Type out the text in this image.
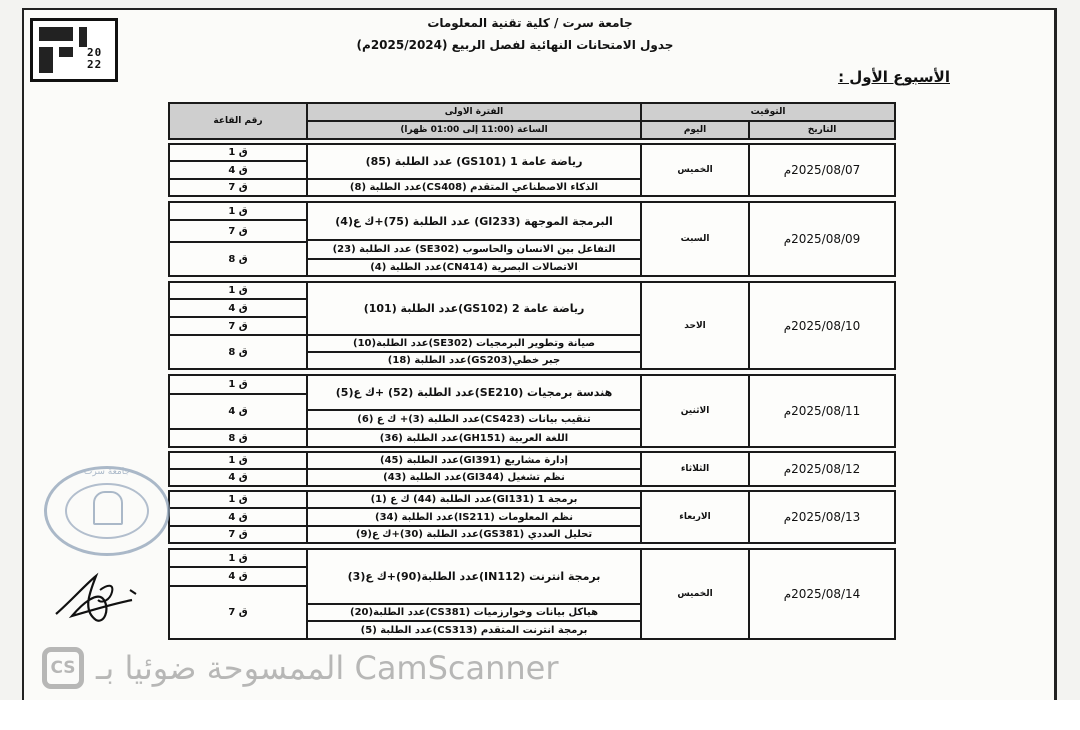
20 22
جامعة سرت / كلية تقنية المعلومات
جدول الامتحانات النهائية لفصل الربيع (2025/2024م)
الأسبوع الأول :
التوقيت
التاريخ
اليوم
الفترة الاولى
الساعة (11:00 إلى 01:00 ظهرا)
رقم القاعة
2025/08/07م
الخميس
رياضة عامة 1 (GS101) عدد الطلبة (85)
الذكاء الاصطناعي المتقدم (CS408)عدد الطلبة (8)
ق 1
ق 4
ق 7
2025/08/09م
السبت
البرمجة الموجهة (GI233) عدد الطلبة (75)+ك ع(4)
التفاعل بين الانسان والحاسوب (SE302) عدد الطلبة (23)
الاتصالات البصرية (CN414)عدد الطلبة (4)
ق 1
ق 7
ق 8
2025/08/10م
الاحد
رياضة عامة 2 (GS102)عدد الطلبة (101)
صيانة وتطوير البرمجيات (SE302)عدد الطلبة(10)
جبر خطي(GS203)عدد الطلبة (18)
ق 1
ق 4
ق 7
ق 8
2025/08/11م
الاثنين
هندسة برمجيات (SE210)عدد الطلبة (52) +ك ع(5)
تنقيب بيانات (CS423)عدد الطلبة (3)+ ك ع (6)
اللغة العربية (GH151)عدد الطلبة (36)
ق 1
ق 4
ق 8
2025/08/12م
الثلاثاء
إدارة مشاريع (GI391)عدد الطلبة (45)
نظم تشغيل (GI344)عدد الطلبة (43)
ق 1
ق 4
2025/08/13م
الاربعاء
برمجة 1 (GI131)عدد الطلبة (44) ك ع (1)
نظم المعلومات (IS211)عدد الطلبة (34)
تحليل العددي (GS381)عدد الطلبة (30)+ك ع(9)
ق 1
ق 4
ق 7
2025/08/14م
الخميس
برمجة انترنت (IN112)عدد الطلبة(90)+ك ع(3)
هياكل بيانات وخوارزميات (CS381)عدد الطلبة(20)
برمجة انترنت المتقدم (CS313)عدد الطلبة (5)
ق 1
ق 4
ق 7
جامعة سرت
CS الممسوحة ضوئيا بـ CamScanner
